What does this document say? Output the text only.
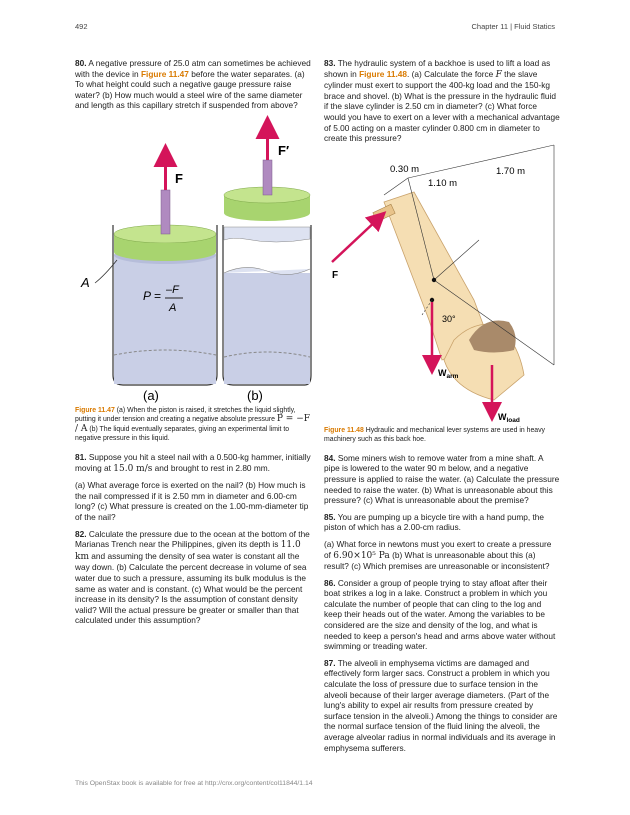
492	Chapter 11 | Fluid Statics

80. A negative pressure of 25.0 atm can sometimes be achieved with the device in Figure 11.47 before the water separates. (a) To what height could such a negative gauge pressure raise water? (b) How much would a steel wire of the same diameter and length as this capillary stretch if suspended from above?

F
A
P = –F
A
(a)
F′
(b)
Figure 11.47 (a) When the piston is raised, it stretches the liquid slightly, putting it under tension and creating a negative absolute pressure P = −F / A (b) The liquid eventually separates, giving an experimental limit to negative pressure in this liquid.

81. Suppose you hit a steel nail with a 0.500-kg hammer, initially moving at 15.0 m/s and brought to rest in 2.80 mm.

(a) What average force is exerted on the nail? (b) How much is the nail compressed if it is 2.50 mm in diameter and 6.00-cm long? (c) What pressure is created on the 1.00-mm-diameter tip of the nail?

82. Calculate the pressure due to the ocean at the bottom of the Marianas Trench near the Philippines, given its depth is 11.0 km and assuming the density of sea water is constant all the way down. (b) Calculate the percent decrease in volume of sea water due to such a pressure, assuming its bulk modulus is the same as water and is constant. (c) What would be the percent increase in its density? Is the assumption of constant density valid? Will the actual pressure be greater or smaller than that calculated under this assumption?

83. The hydraulic system of a backhoe is used to lift a load as shown in Figure 11.48. (a) Calculate the force F the slave cylinder must exert to support the 400-kg load and the 150-kg brace and shovel. (b) What is the pressure in the hydraulic fluid if the slave cylinder is 2.50 cm in diameter? (c) What force would you have to exert on a lever with a mechanical advantage of 5.00 acting on a master cylinder 0.800 cm in diameter to create this pressure?

F
0.30 m
1.10 m
1.70 m
30°
$W_{arm}$
$W_{load}$
Figure 11.48 Hydraulic and mechanical lever systems are used in heavy machinery such as this back hoe.

84. Some miners wish to remove water from a mine shaft. A pipe is lowered to the water 90 m below, and a negative pressure is applied to raise the water. (a) Calculate the pressure needed to raise the water. (b) What is unreasonable about this pressure? (c) What is unreasonable about the premise?

85. You are pumping up a bicycle tire with a hand pump, the piston of which has a 2.00-cm radius.

(a) What force in newtons must you exert to create a pressure of 6.90×10⁵ Pa (b) What is unreasonable about this (a) result? (c) Which premises are unreasonable or inconsistent?

86. Consider a group of people trying to stay afloat after their boat strikes a log in a lake. Construct a problem in which you calculate the number of people that can cling to the log and keep their heads out of the water. Among the variables to be considered are the size and density of the log, and what is needed to keep a person's head and arms above water without swimming or treading water.

87. The alveoli in emphysema victims are damaged and effectively form larger sacs. Construct a problem in which you calculate the loss of pressure due to surface tension in the alveoli because of their larger average diameters. (Part of the lung's ability to expel air results from pressure created by surface tension in the alveoli.) Among the things to consider are the normal surface tension of the fluid lining the alveoli, the average alveolar radius in normal individuals and its average in emphysema sufferers.

This OpenStax book is available for free at http://cnx.org/content/col11844/1.14
